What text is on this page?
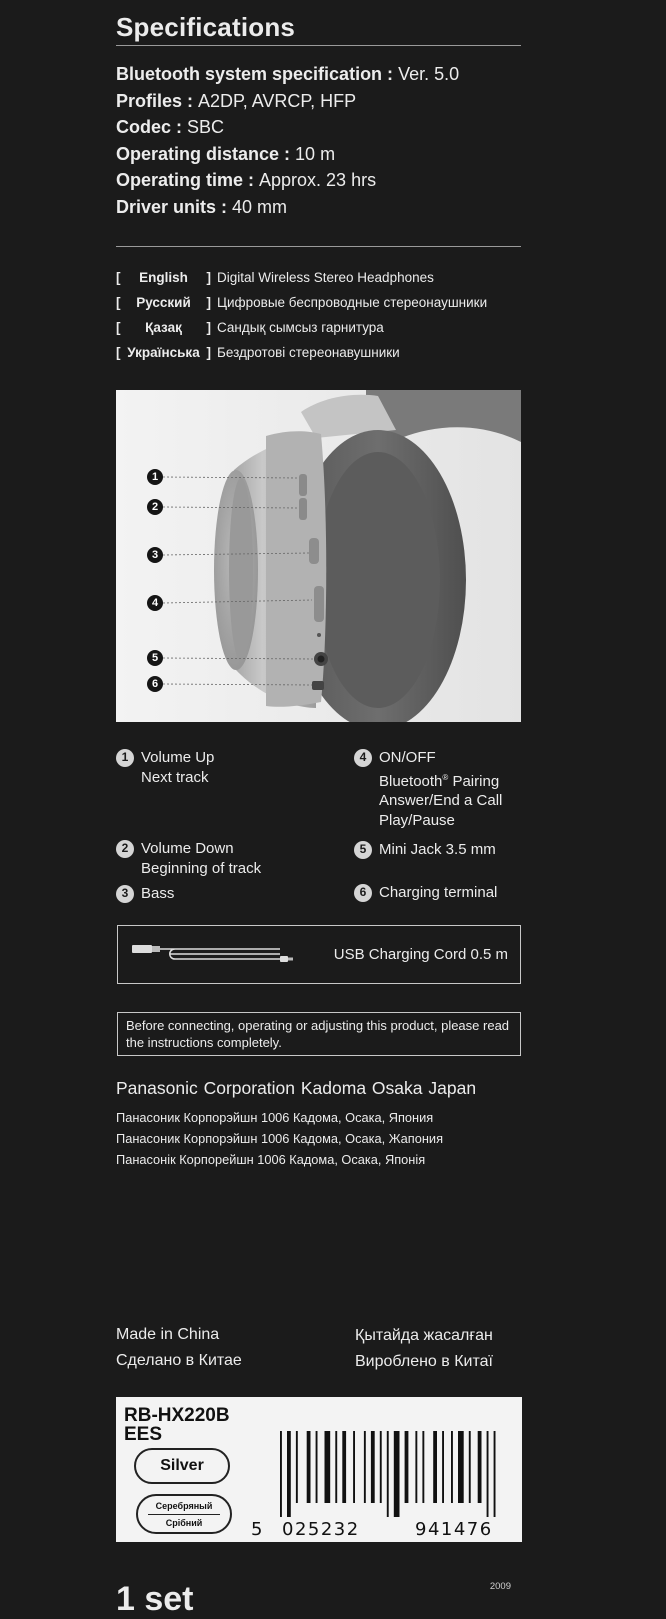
Specifications
Bluetooth system specification : Ver. 5.0
Profiles : A2DP, AVRCP, HFP
Codec : SBC
Operating distance : 10 m
Operating time : Approx. 23 hrs
Driver units : 40 mm
[	English	] Digital Wireless Stereo Headphones
[	Русский	] Цифровые беспроводные стереонаушники
[	Қазақ	] Сандық сымсыз гарнитура
[ Українська ] Бездротові стереонавушники
1
2
3
4
5
6
1 Volume Up
Next track
2 Volume Down
Beginning of track
3 Bass
4 ON/OFF
Bluetooth® Pairing
Answer/End a Call
Play/Pause
5 Mini Jack 3.5 mm
6 Charging terminal
USB Charging Cord 0.5 m
Before connecting, operating or adjusting this product, please read the instructions completely.
Panasonic Corporation Kadoma Osaka Japan
Панасоник Корпорэйшн 1006 Кадома, Осака, Япония
Панасоник Корпорэйшн 1006 Кадома, Осака, Жапония
Панасонік Корпорейшн 1006 Кадома, Осака, Японія
Made in China
Сделано в Китае
Қытайда жасалған
Вироблено в Китаї
RB-HX220B
EES
Silver
Серебряный
Срібний	5 025232	941476
2009
1 set
